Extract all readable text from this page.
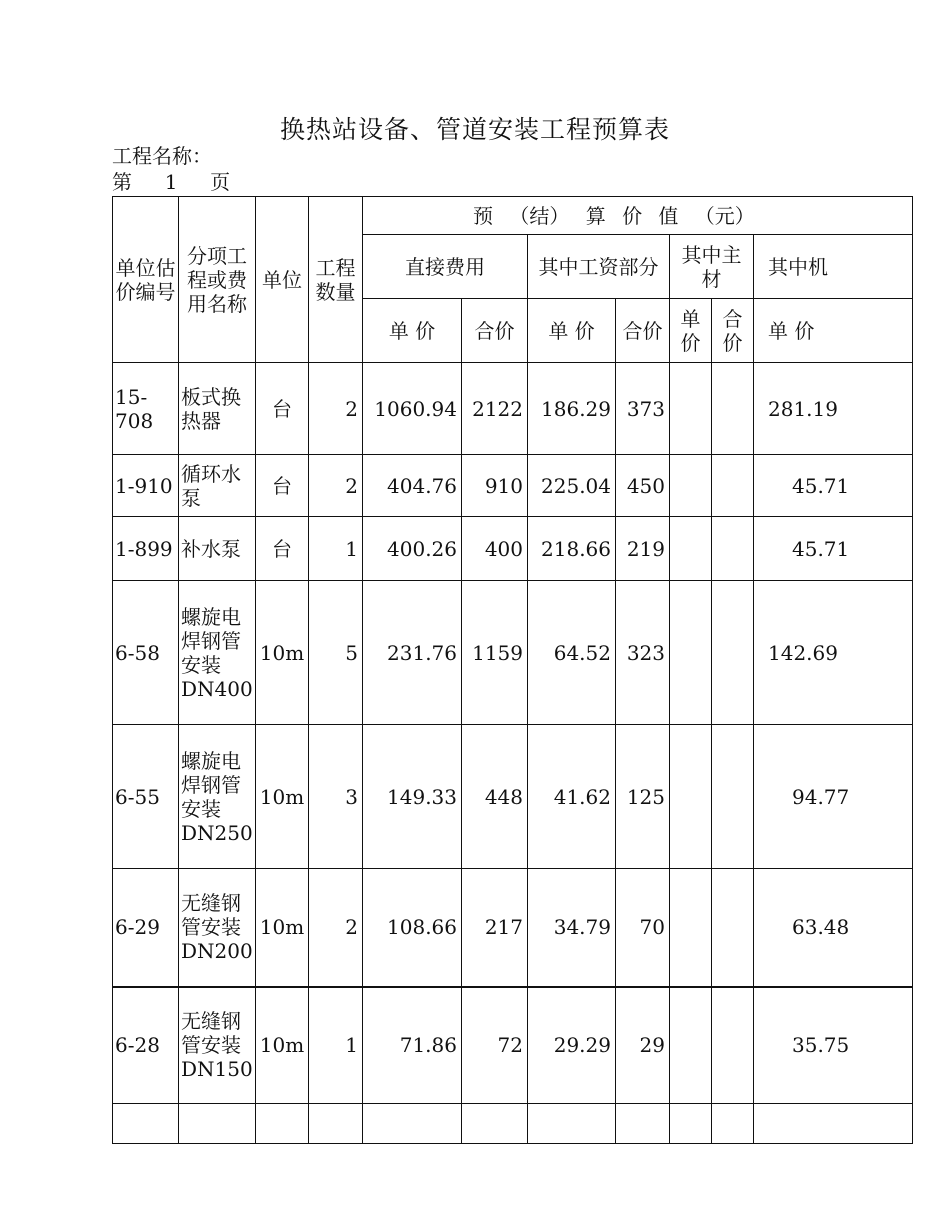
换热站设备、管道安装工程预算表
工程名称：
第 1 页
单位估价编号	分项工程或费用名称	单位	工程数量	预 （结） 算 价 值 （元）						
				直接费用		其中工资部分		其中主材		其中机
				单 价	合价	单 价	合价	单价	合价	单 价
15-708	板式换热器	台	2	1060.94	2122	186.29	373			281.19
1-910	循环水泵	台	2	404.76	910	225.04	450			45.71
1-899	补水泵	台	1	400.26	400	218.66	219			45.71
6-58	螺旋电焊钢管安装DN400	10m	5	231.76	1159	64.52	323			142.69
6-55	螺旋电焊钢管安装DN250	10m	3	149.33	448	41.62	125			94.77
6-29	无缝钢管安装DN200	10m	2	108.66	217	34.79	70			63.48
6-28	无缝钢管安装DN150	10m	1	71.86	72	29.29	29			35.75
